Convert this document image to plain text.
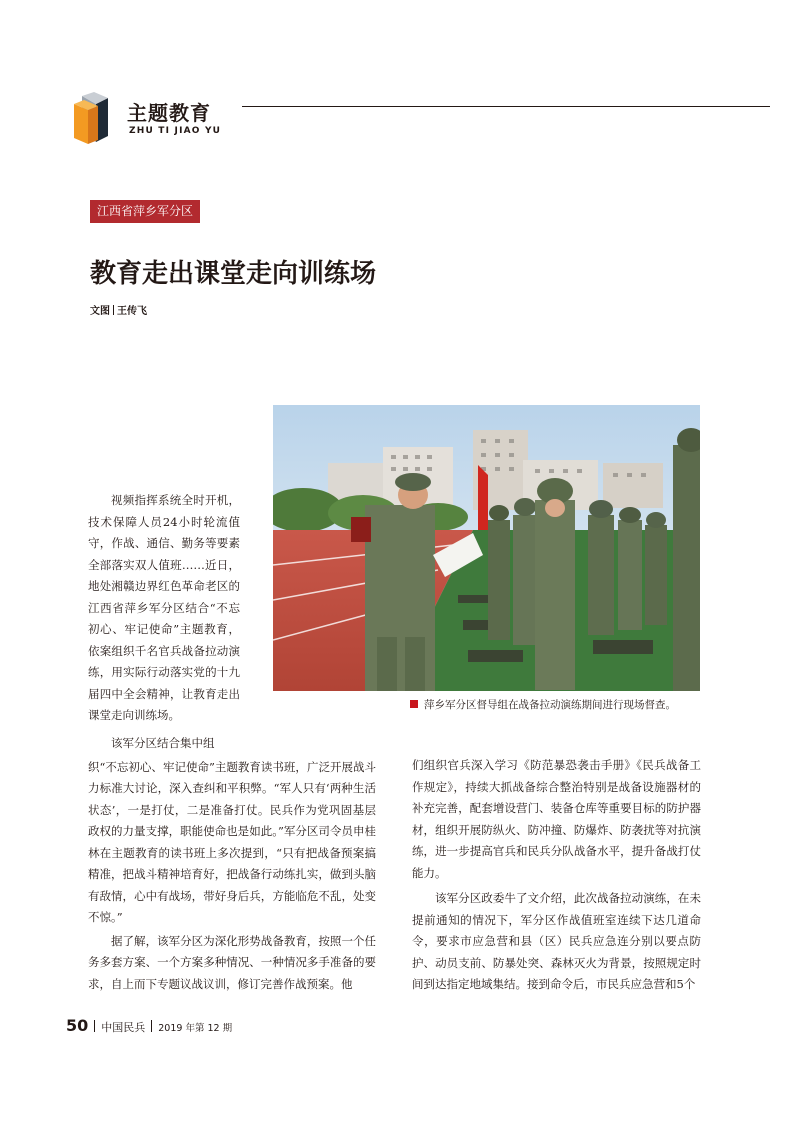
主题教育
ZHU TI JIAO YU
江西省萍乡军分区
教育走出课堂走向训练场
文图 王传飞
萍乡军分区督导组在战备拉动演练期间进行现场督查。

视频指挥系统全时开机，技术保障人员24小时轮流值守，作战、通信、勤务等要素全部落实双人值班……近日，地处湘赣边界红色革命老区的江西省萍乡军分区结合“不忘初心、牢记使命”主题教育，依案组织千名官兵战备拉动演练，用实际行动落实党的十九届四中全会精神，让教育走出课堂走向训练场。

该军分区结合集中组

织“不忘初心、牢记使命”主题教育读书班，广泛开展战斗力标准大讨论，深入查纠和平积弊。“军人只有‘两种生活状态’，一是打仗，二是准备打仗。民兵作为党巩固基层政权的力量支撑，职能使命也是如此。”军分区司令员申桂林在主题教育的读书班上多次提到，“只有把战备预案搞精准，把战斗精神培育好，把战备行动练扎实，做到头脑有敌情，心中有战场，带好身后兵，方能临危不乱，处变不惊。”

据了解，该军分区为深化形势战备教育，按照一个任务多套方案、一个方案多种情况、一种情况多手准备的要求，自上而下专题议战议训，修订完善作战预案。他

们组织官兵深入学习《防范暴恐袭击手册》《民兵战备工作规定》，持续大抓战备综合整治特别是战备设施器材的补充完善，配套增设营门、装备仓库等重要目标的防护器材，组织开展防纵火、防冲撞、防爆炸、防袭扰等对抗演练，进一步提高官兵和民兵分队战备水平，提升备战打仗能力。

该军分区政委牛了文介绍，此次战备拉动演练，在未提前通知的情况下，军分区作战值班室连续下达几道命令，要求市应急营和县（区）民兵应急连分别以要点防护、动员支前、防暴处突、森林灭火为背景，按照规定时间到达指定地域集结。接到命令后，市民兵应急营和5个

50 中国民兵 2019 年第 12 期
